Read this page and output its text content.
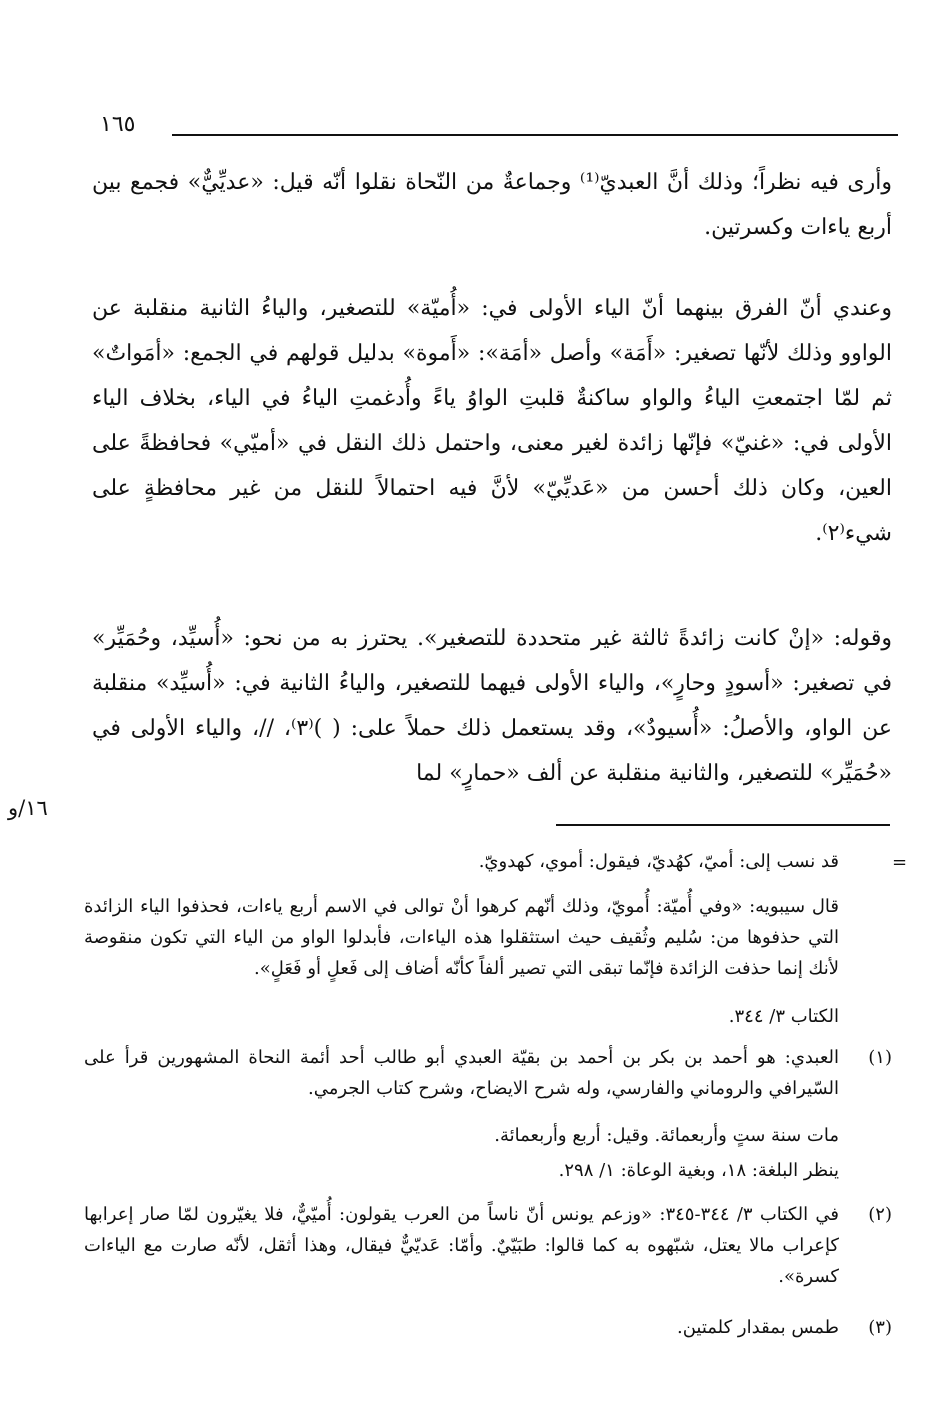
١٦٥
وأرى فيه نظراً؛ وذلك أنَّ العبديّ⁽¹⁾ وجماعةٌ من النّحاة نقلوا أنّه قيل: «عديِّيٌّ» فجمع بين أربع ياءات وكسرتين.
وعندي أنّ الفرق بينهما أنّ الياء الأولى في: «أُميّة» للتصغير، والياءُ الثانية منقلبة عن الواوو وذلك لأنّها تصغير: «أَمَة» وأصل «أمَة»: «أَموة» بدليل قولهم في الجمع: «أمَواتٌ» ثم لمّا اجتمعتِ الياءُ والواو ساكنةٌ قلبتِ الواوُ ياءً وأُدغمتِ الياءُ في الياء، بخلاف الياء الأولى في: «غنيّ» فإنّها زائدة لغير معنى، واحتمل ذلك النقل في «أميّي» فحافظةً على العين، وكان ذلك أحسن من «عَديِّيّ» لأنَّ فيه احتمالاً للنقل من غير محافظةٍ على شيء⁽٢⁾.
وقوله: «إنْ كانت زائدةً ثالثة غير متحددة للتصغير». يحترز به من نحو: «أُسيِّد، وحُمَيِّر» في تصغير: «أسودٍ وحارٍ»، والياء الأولى فيهما للتصغير، والياءُ الثانية في: «أُسيِّد» منقلبة عن الواو، والأصلُ: «أُسيودٌ»، وقد يستعمل ذلك حملاً على: ( )⁽٣⁾، //، والياء الأولى في «حُمَيِّر» للتصغير، والثانية منقلبة عن ألف «حمارٍ» لما
١٦/و
=
قد نسب إلى: أميّ، كهُديّ، فيقول: أموي، كهدويّ.
قال سيبويه: «وفي أُميّة: أُمويّ، وذلك أنّهم كرهوا أنْ توالى في الاسم أربع ياءات، فحذفوا الياء الزائدة التي حذفوها من: سُليم وثُقيف حيث استثقلوا هذه الياءات، فأبدلوا الواو من الياء التي تكون منقوصة لأنك إنما حذفت الزائدة فإنّما تبقى التي تصير ألفاً كأنّه أضاف إلى فَعلٍ أو فَعَلٍ».
الكتاب ٣/ ٣٤٤.
(١)
العبدي: هو أحمد بن بكر بن أحمد بن بقيّة العبدي أبو طالب أحد أئمة النحاة المشهورين قرأ على السّيرافي والروماني والفارسي، وله شرح الايضاح، وشرح كتاب الجرمي.
مات سنة ستٍ وأربعمائة. وقيل: أربع وأربعمائة.
ينظر البلغة: ١٨، وبغية الوعاة: ١/ ٢٩٨.
(٢)
في الكتاب ٣/ ٣٤٤-٣٤٥: «وزعم يونس أنّ ناساً من العرب يقولون: أُميّيٌّ، فلا يغيّرون لمّا صار إعرابها كإعراب مالا يعتل، شبّهوه به كما قالوا: طبَيّيٌ. وأمّا: عَديّيٌّ فيقال، وهذا أثقل، لأنّه صارت مع الياءات كسرة».
(٣)
طمس بمقدار كلمتين.
